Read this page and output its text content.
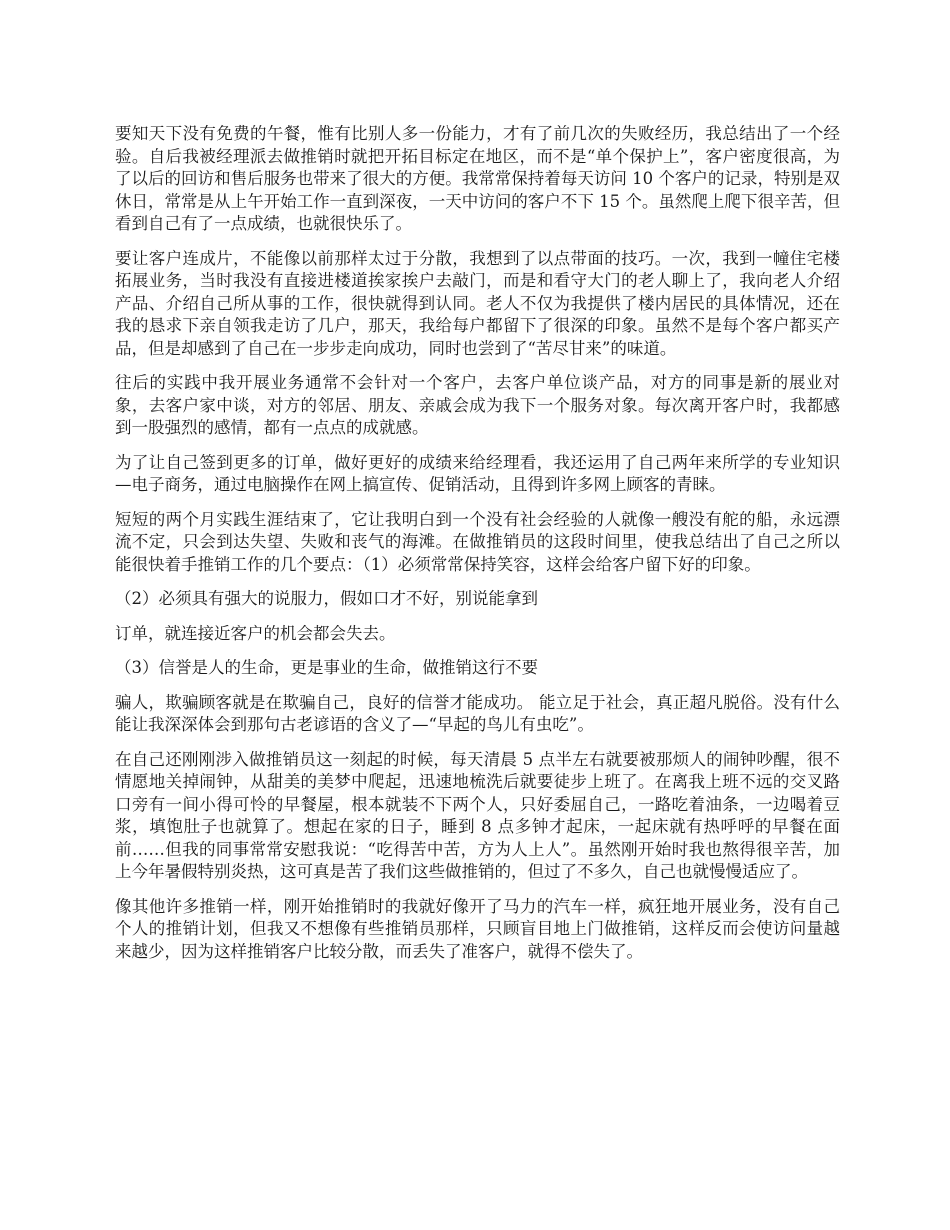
要知天下没有免费的午餐，惟有比别人多一份能力，才有了前几次的失败经历，我总结出了一个经验。自后我被经理派去做推销时就把开拓目标定在地区，而不是“单个保护上”，客户密度很高，为了以后的回访和售后服务也带来了很大的方便。我常常保持着每天访问 10 个客户的记录，特别是双休日，常常是从上午开始工作一直到深夜，一天中访问的客户不下 15 个。虽然爬上爬下很辛苦，但看到自己有了一点成绩，也就很快乐了。

要让客户连成片，不能像以前那样太过于分散，我想到了以点带面的技巧。一次，我到一幢住宅楼拓展业务，当时我没有直接进楼道挨家挨户去敲门，而是和看守大门的老人聊上了，我向老人介绍产品、介绍自己所从事的工作，很快就得到认同。老人不仅为我提供了楼内居民的具体情况，还在我的恳求下亲自领我走访了几户，那天，我给每户都留下了很深的印象。虽然不是每个客户都买产品，但是却感到了自己在一步步走向成功，同时也尝到了“苦尽甘来”的味道。

往后的实践中我开展业务通常不会针对一个客户，去客户单位谈产品，对方的同事是新的展业对象，去客户家中谈，对方的邻居、朋友、亲戚会成为我下一个服务对象。每次离开客户时，我都感到一股强烈的感情，都有一点点的成就感。

为了让自己签到更多的订单，做好更好的成绩来给经理看，我还运用了自己两年来所学的专业知识—电子商务，通过电脑操作在网上搞宣传、促销活动，且得到许多网上顾客的青睐。

短短的两个月实践生涯结束了，它让我明白到一个没有社会经验的人就像一艘没有舵的船，永远漂流不定，只会到达失望、失败和丧气的海滩。在做推销员的这段时间里，使我总结出了自己之所以能很快着手推销工作的几个要点：（1）必须常常保持笑容，这样会给客户留下好的印象。

（2）必须具有强大的说服力，假如口才不好，别说能拿到

订单，就连接近客户的机会都会失去。

（3）信誉是人的生命，更是事业的生命，做推销这行不要

骗人，欺骗顾客就是在欺骗自己，良好的信誉才能成功。 能立足于社会，真正超凡脱俗。没有什么能让我深深体会到那句古老谚语的含义了—“早起的鸟儿有虫吃”。

在自己还刚刚涉入做推销员这一刻起的时候，每天清晨 5 点半左右就要被那烦人的闹钟吵醒，很不情愿地关掉闹钟，从甜美的美梦中爬起，迅速地梳洗后就要徒步上班了。在离我上班不远的交叉路口旁有一间小得可怜的早餐屋，根本就装不下两个人，只好委屈自己，一路吃着油条，一边喝着豆浆，填饱肚子也就算了。想起在家的日子，睡到 8 点多钟才起床，一起床就有热呼呼的早餐在面前……但我的同事常常安慰我说：“吃得苦中苦，方为人上人”。虽然刚开始时我也熬得很辛苦，加上今年暑假特别炎热，这可真是苦了我们这些做推销的，但过了不多久，自己也就慢慢适应了。

像其他许多推销一样，刚开始推销时的我就好像开了马力的汽车一样，疯狂地开展业务，没有自己个人的推销计划，但我又不想像有些推销员那样，只顾盲目地上门做推销，这样反而会使访问量越来越少，因为这样推销客户比较分散，而丢失了准客户，就得不偿失了。
